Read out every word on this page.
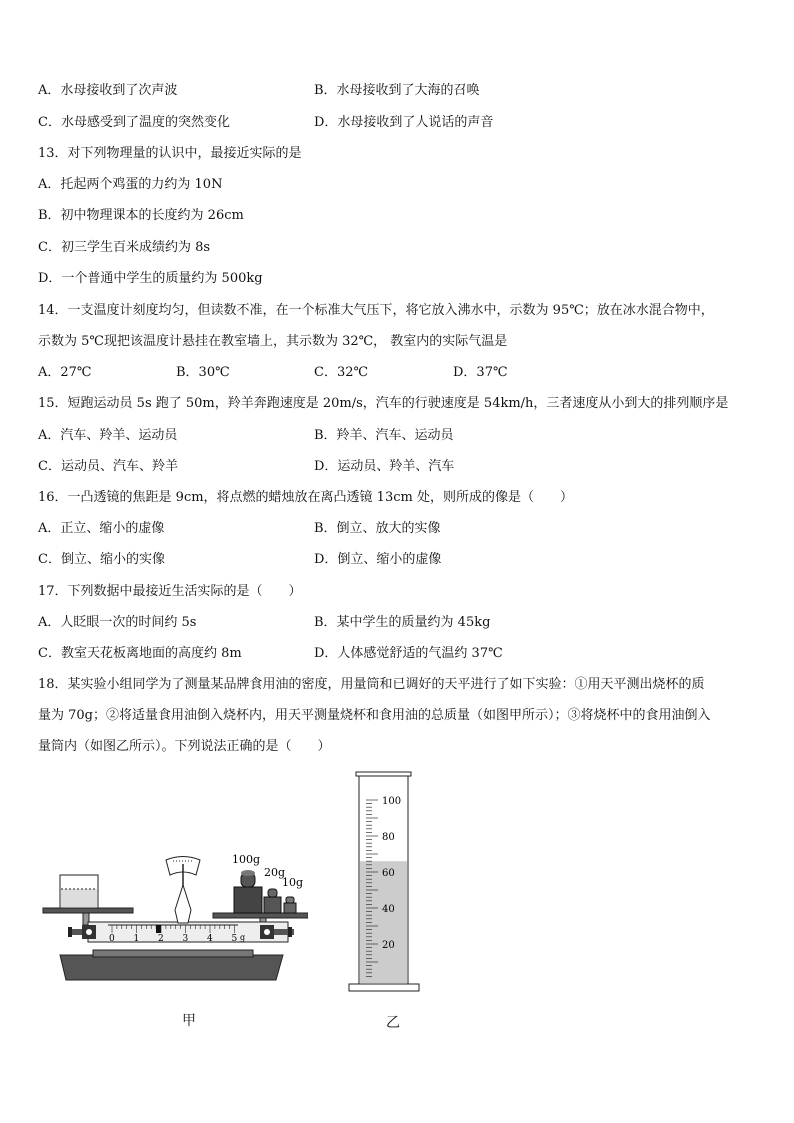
A．水母接收到了次声波	B．水母接收到了大海的召唤
C．水母感受到了温度的突然变化	D．水母接收到了人说话的声音
13．对下列物理量的认识中，最接近实际的是
A．托起两个鸡蛋的力约为 10N
B．初中物理课本的长度约为 26cm
C．初三学生百米成绩约为 8s
D．一个普通中学生的质量约为 500kg
14．一支温度计刻度均匀，但读数不准，在一个标准大气压下，将它放入沸水中，示数为 95℃；放在冰水混合物中，
示数为 5℃现把该温度计悬挂在教室墙上，其示数为 32℃， 教室内的实际气温是
A．27℃	B．30℃	C．32℃	D．37℃
15．短跑运动员 5s 跑了 50m，羚羊奔跑速度是 20m/s，汽车的行驶速度是 54km/h，三者速度从小到大的排列顺序是
A．汽车、羚羊、运动员	B．羚羊、汽车、运动员
C．运动员、汽车、羚羊	D．运动员、羚羊、汽车
16．一凸透镜的焦距是 9cm，将点燃的蜡烛放在离凸透镜 13cm 处，则所成的像是（　　）
A．正立、缩小的虚像	B．倒立、放大的实像
C．倒立、缩小的实像	D．倒立、缩小的虚像
17．下列数据中最接近生活实际的是（　　）
A．人眨眼一次的时间约 5s	B．某中学生的质量约为 45kg
C．教室天花板离地面的高度约 8m	D．人体感觉舒适的气温约 37℃
18．某实验小组同学为了测量某品牌食用油的密度，用量筒和已调好的天平进行了如下实验：①用天平测出烧杯的质
量为 70g；②将适量食用油倒入烧杯内，用天平测量烧杯和食用油的总质量（如图甲所示）；③将烧杯中的食用油倒入
量筒内（如图乙所示）。下列说法正确的是（　　）
0 1 2 3 4 5
100g
20g
10g
g
甲
100
80
60
40
20
乙
